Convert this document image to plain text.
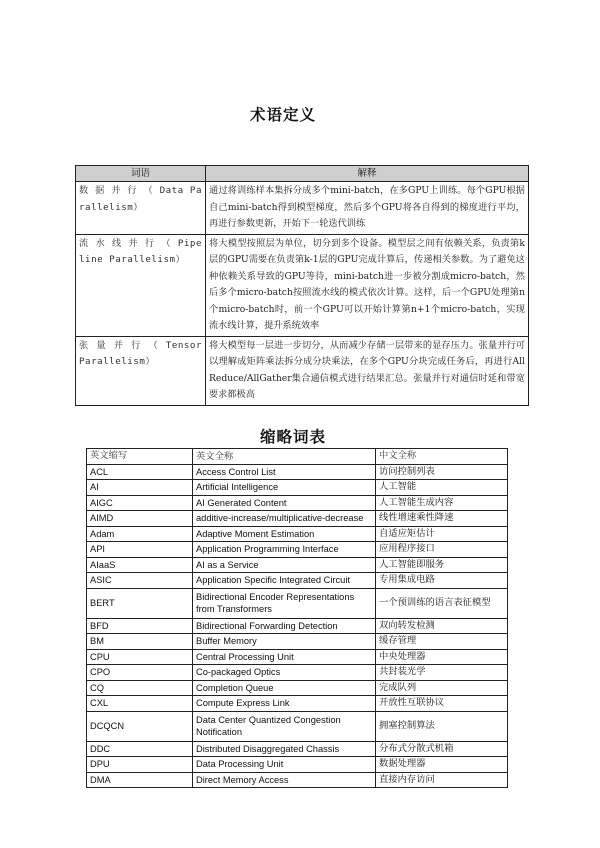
术语定义
词语	解释
数 据 并 行 （ Data Parallelism）	通过将训练样本集拆分成多个mini-batch，在多GPU上训练。每个GPU根据自己mini-batch得到模型梯度，然后多个GPU将各自得到的梯度进行平均，再进行参数更新，开始下一轮迭代训练
流 水 线 并 行 （ Pipeline Parallelism）	将大模型按照层为单位，切分到多个设备。模型层之间有依赖关系，负责第k层的GPU需要在负责第k-1层的GPU完成计算后，传递相关参数。为了避免这种依赖关系导致的GPU等待，mini-batch进一步被分割成micro-batch，然后多个micro-batch按照流水线的模式依次计算。这样，后一个GPU处理第n个micro-batch时，前一个GPU可以开始计算第n+1个micro-batch，实现流水线计算，提升系统效率
张 量 并 行 （ Tensor Parallelism）	将大模型每一层进一步切分，从而减少存储一层带来的显存压力。张量并行可以理解成矩阵乘法拆分成分块乘法，在多个GPU分块完成任务后，再进行AllReduce/AllGather集合通信模式进行结果汇总。张量并行对通信时延和带宽要求都极高
缩略词表
英文缩写	英文全称	中文全称
ACL	Access Control List	访问控制列表
AI	Artificial Intelligence	人工智能
AIGC	AI Generated Content	人工智能生成内容
AIMD	additive-increase/multiplicative-decrease	线性增速乘性降速
Adam	Adaptive Moment Estimation	自适应矩估计
API	Application Programming Interface	应用程序接口
AIaaS	AI as a Service	人工智能即服务
ASIC	Application Specific Integrated Circuit	专用集成电路
BERT	Bidirectional Encoder Representations from Transformers	一个预训练的语言表征模型
BFD	Bidirectional Forwarding Detection	双向转发检测
BM	Buffer Memory	缓存管理
CPU	Central Processing Unit	中央处理器
CPO	Co-packaged Optics	共封装光学
CQ	Completion Queue	完成队列
CXL	Compute Express Link	开放性互联协议
DCQCN	Data Center Quantized Congestion Notification	拥塞控制算法
DDC	Distributed Disaggregated Chassis	分布式分散式机箱
DPU	Data Processing Unit	数据处理器
DMA	Direct Memory Access	直接内存访问
